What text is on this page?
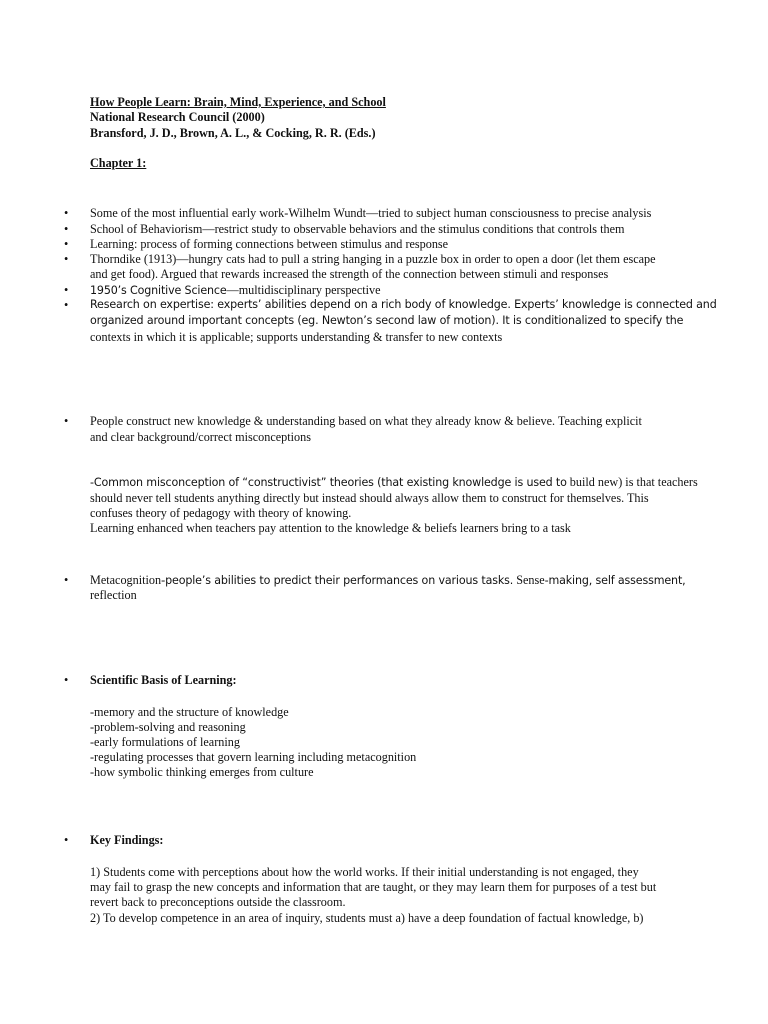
How People Learn: Brain, Mind, Experience, and School
National Research Council (2000)
Bransford, J. D., Brown, A. L., & Cocking, R. R. (Eds.)
Chapter 1:
•	Some of the most influential early work-Wilhelm Wundt—tried to subject human consciousness to precise analysis
•	School of Behaviorism—restrict study to observable behaviors and the stimulus conditions that controls them
•	Learning: process of forming connections between stimulus and response
•	Thorndike (1913)—hungry cats had to pull a string hanging in a puzzle box in order to open a door (let them escape
and get food). Argued that rewards increased the strength of the connection between stimuli and responses
•	1950’s Cognitive Science—multidisciplinary perspective
•	Research on expertise: experts’ abilities depend on a rich body of knowledge. Experts’ knowledge is connected and
organized around important concepts (eg. Newton’s second law of motion). It is conditionalized to specify the
contexts in which it is applicable; supports understanding & transfer to new contexts
•	People construct new knowledge & understanding based on what they already know & believe. Teaching explicit
and clear background/correct misconceptions
-Common misconception of “constructivist” theories (that existing knowledge is used to build new) is that teachers
should never tell students anything directly but instead should always allow them to construct for themselves. This
confuses theory of pedagogy with theory of knowing.
Learning enhanced when teachers pay attention to the knowledge & beliefs learners bring to a task
•	Metacognition-people’s abilities to predict their performances on various tasks. Sense-making, self assessment,
reflection
•	Scientific Basis of Learning:
-memory and the structure of knowledge
-problem-solving and reasoning
-early formulations of learning
-regulating processes that govern learning including metacognition
-how symbolic thinking emerges from culture
•	Key Findings:
1) Students come with perceptions about how the world works. If their initial understanding is not engaged, they
may fail to grasp the new concepts and information that are taught, or they may learn them for purposes of a test but
revert back to preconceptions outside the classroom.
2) To develop competence in an area of inquiry, students must a) have a deep foundation of factual knowledge, b)
